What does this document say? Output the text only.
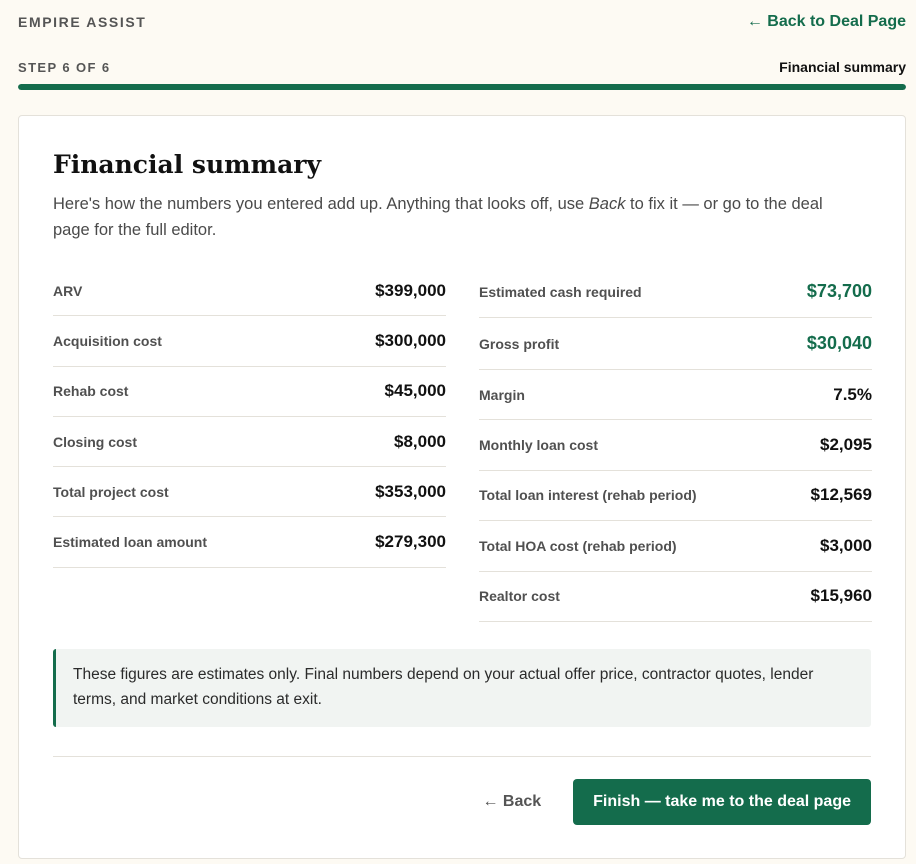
EMPIRE ASSIST	← Back to Deal Page
STEP 6 OF 6	Financial summary
Financial summary

Here's how the numbers you entered add up. Anything that looks off, use Back to fix it — or go to the deal page for the full editor.

ARV	$399,000
Acquisition cost	$300,000
Rehab cost	$45,000
Closing cost	$8,000
Total project cost	$353,000
Estimated loan amount	$279,300
Estimated cash required	$73,700
Gross profit	$30,040
Margin	7.5%
Monthly loan cost	$2,095
Total loan interest (rehab period)	$12,569
Total HOA cost (rehab period)	$3,000
Realtor cost	$15,960
These figures are estimates only. Final numbers depend on your actual offer price, contractor quotes, lender terms, and market conditions at exit.
← Back	Finish — take me to the deal page
